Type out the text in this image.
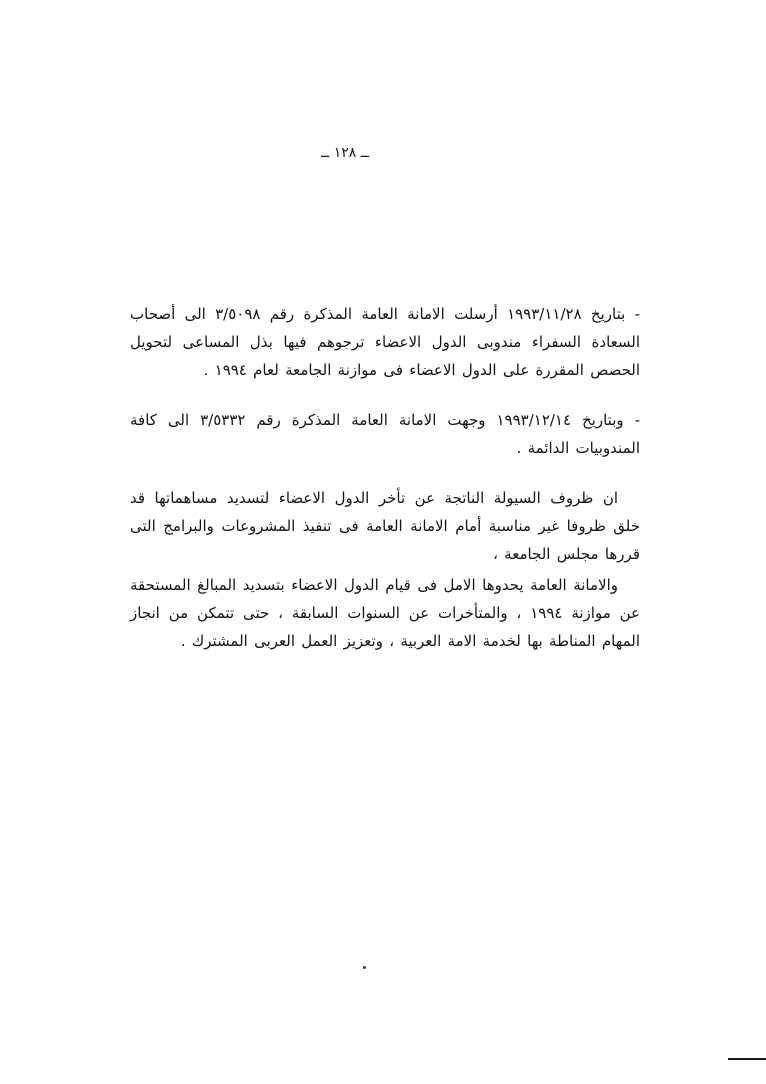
ــ ١٢٨ ــ

- بتاريخ ١٩٩٣/١١/٢٨ أرسلت الامانة العامة المذكرة رقم ٣/٥٠٩٨ الى أصحاب السعادة السفراء مندوبى الدول الاعضاء ترجوهم فيها بذل المساعى لتحويل الحصص المقررة على الدول الاعضاء فى موازنة الجامعة لعام ١٩٩٤ .

- وبتاريخ ١٩٩٣/١٢/١٤ وجهت الامانة العامة المذكرة رقم ٣/٥٣٣٢ الى كافة المندوبيات الدائمة .

ان ظروف السيولة الناتجة عن تأخر الدول الاعضاء لتسديد مساهماتها قد خلق ظروفا غير مناسبة أمام الامانة العامة فى تنفيذ المشروعات والبرامج التى قررها مجلس الجامعة ،

والامانة العامة يحدوها الامل فى قيام الدول الاعضاء بتسديد المبالغ المستحقة عن موازنة ١٩٩٤ ، والمتأخرات عن السنوات السابقة ، حتى تتمكن من انجاز المهام المناطة بها لخدمة الامة العربية ، وتعزيز العمل العربى المشترك .
